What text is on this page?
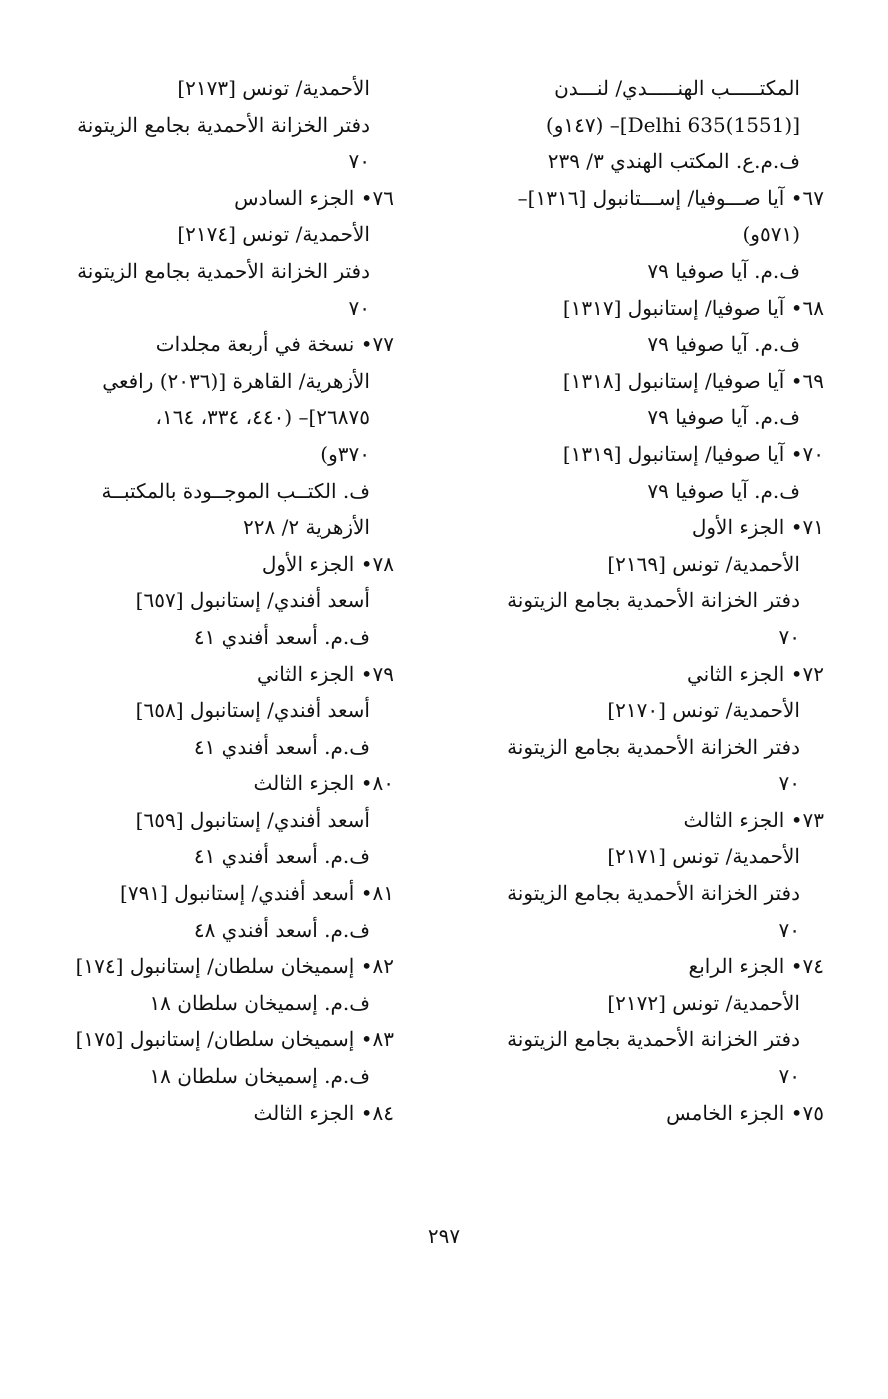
المكتـــــب الهنـــــدي/ لنـــدن
[(1551)Delhi 635]– (١٤٧و)
ف.م.ع. المكتب الهندي ٣/ ٢٣٩
٦٧• آيا صـــوفيا/ إســـتانبول [١٣١٦]–
(٥٧١و)
ف.م. آيا صوفيا ٧٩
٦٨• آيا صوفيا/ إستانبول [١٣١٧]
ف.م. آيا صوفيا ٧٩
٦٩• آيا صوفيا/ إستانبول [١٣١٨]
ف.م. آيا صوفيا ٧٩
٧٠• آيا صوفيا/ إستانبول [١٣١٩]
ف.م. آيا صوفيا ٧٩
٧١• الجزء الأول
الأحمدية/ تونس [٢١٦٩]
دفتر الخزانة الأحمدية بجامع الزيتونة
٧٠
٧٢• الجزء الثاني
الأحمدية/ تونس [٢١٧٠]
دفتر الخزانة الأحمدية بجامع الزيتونة
٧٠
٧٣• الجزء الثالث
الأحمدية/ تونس [٢١٧١]
دفتر الخزانة الأحمدية بجامع الزيتونة
٧٠
٧٤• الجزء الرابع
الأحمدية/ تونس [٢١٧٢]
دفتر الخزانة الأحمدية بجامع الزيتونة
٧٠
٧٥• الجزء الخامس
الأحمدية/ تونس [٢١٧٣]
دفتر الخزانة الأحمدية بجامع الزيتونة
٧٠
٧٦• الجزء السادس
الأحمدية/ تونس [٢١٧٤]
دفتر الخزانة الأحمدية بجامع الزيتونة
٧٠
٧٧• نسخة في أربعة مجلدات
الأزهرية/ القاهرة [(٢٠٣٦) رافعي
٢٦٨٧٥]– (٤٤٠، ٣٣٤، ١٦٤،
٣٧٠و)
ف. الكتــب الموجــودة بالمكتبــة
الأزهرية ٢/ ٢٢٨
٧٨• الجزء الأول
أسعد أفندي/ إستانبول [٦٥٧]
ف.م. أسعد أفندي ٤١
٧٩• الجزء الثاني
أسعد أفندي/ إستانبول [٦٥٨]
ف.م. أسعد أفندي ٤١
٨٠• الجزء الثالث
أسعد أفندي/ إستانبول [٦٥٩]
ف.م. أسعد أفندي ٤١
٨١• أسعد أفندي/ إستانبول [٧٩١]
ف.م. أسعد أفندي ٤٨
٨٢• إسميخان سلطان/ إستانبول [١٧٤]
ف.م. إسميخان سلطان ١٨
٨٣• إسميخان سلطان/ إستانبول [١٧٥]
ف.م. إسميخان سلطان ١٨
٨٤• الجزء الثالث
٢٩٧
